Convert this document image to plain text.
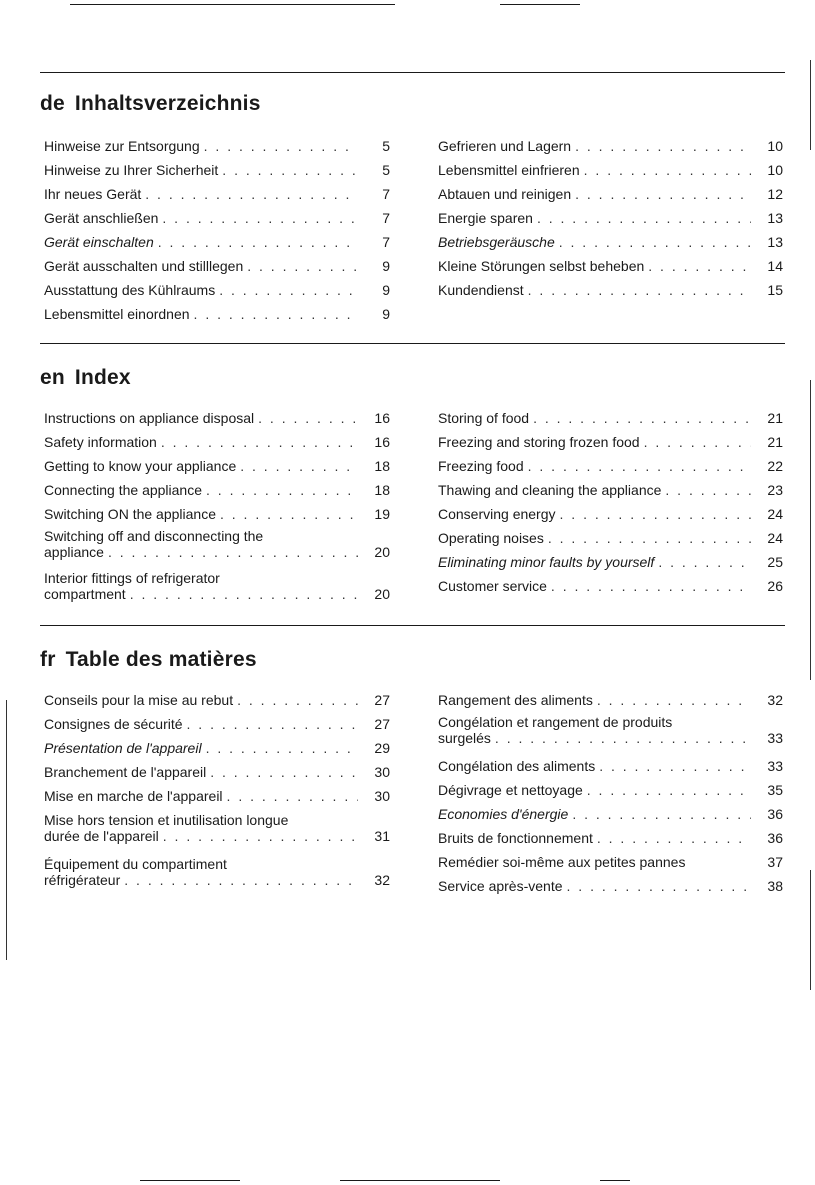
de Inhaltsverzeichnis
Hinweise zur Entsorgung . . .	5
Hinweise zu Ihrer Sicherheit . . .	5
Ihr neues Gerät . . .	7
Gerät anschließen . . .	7
Gerät einschalten . . .	7
Gerät ausschalten und stilllegen . . .	9
Ausstattung des Kühlraums . . .	9
Lebensmittel einordnen . . .	9
Gefrieren und Lagern . . .	10
Lebensmittel einfrieren . . .	10
Abtauen und reinigen . . .	12
Energie sparen . . .	13
Betriebsgeräusche . . .	13
Kleine Störungen selbst beheben . . .	14
Kundendienst . . .	15
en Index
Instructions on appliance disposal . . .	16
Safety information . . .	16
Getting to know your appliance . . .	18
Connecting the appliance . . .	18
Switching ON the appliance . . .	19
Switching off and disconnecting the
appliance . . .	20
Interior fittings of refrigerator
compartment . . .	20
Storing of food . . .	21
Freezing and storing frozen food . . .	21
Freezing food . . .	22
Thawing and cleaning the appliance . . .	23
Conserving energy . . .	24
Operating noises . . .	24
Eliminating minor faults by yourself . . .	25
Customer service . . .	26
fr Table des matières
Conseils pour la mise au rebut . . .	27
Consignes de sécurité . . .	27
Présentation de l'appareil . . .	29
Branchement de l'appareil . . .	30
Mise en marche de l'appareil . . .	30
Mise hors tension et inutilisation longue
durée de l'appareil . . .	31
Équipement du compartiment
réfrigérateur . . .	32
Rangement des aliments . . .	32
Congélation et rangement de produits
surgelés . . .	33
Congélation des aliments . . .	33
Dégivrage et nettoyage . . .	35
Economies d'énergie . . .	36
Bruits de fonctionnement . . .	36
Remédier soi-même aux petites pannes	37
Service après-vente . . .	38
